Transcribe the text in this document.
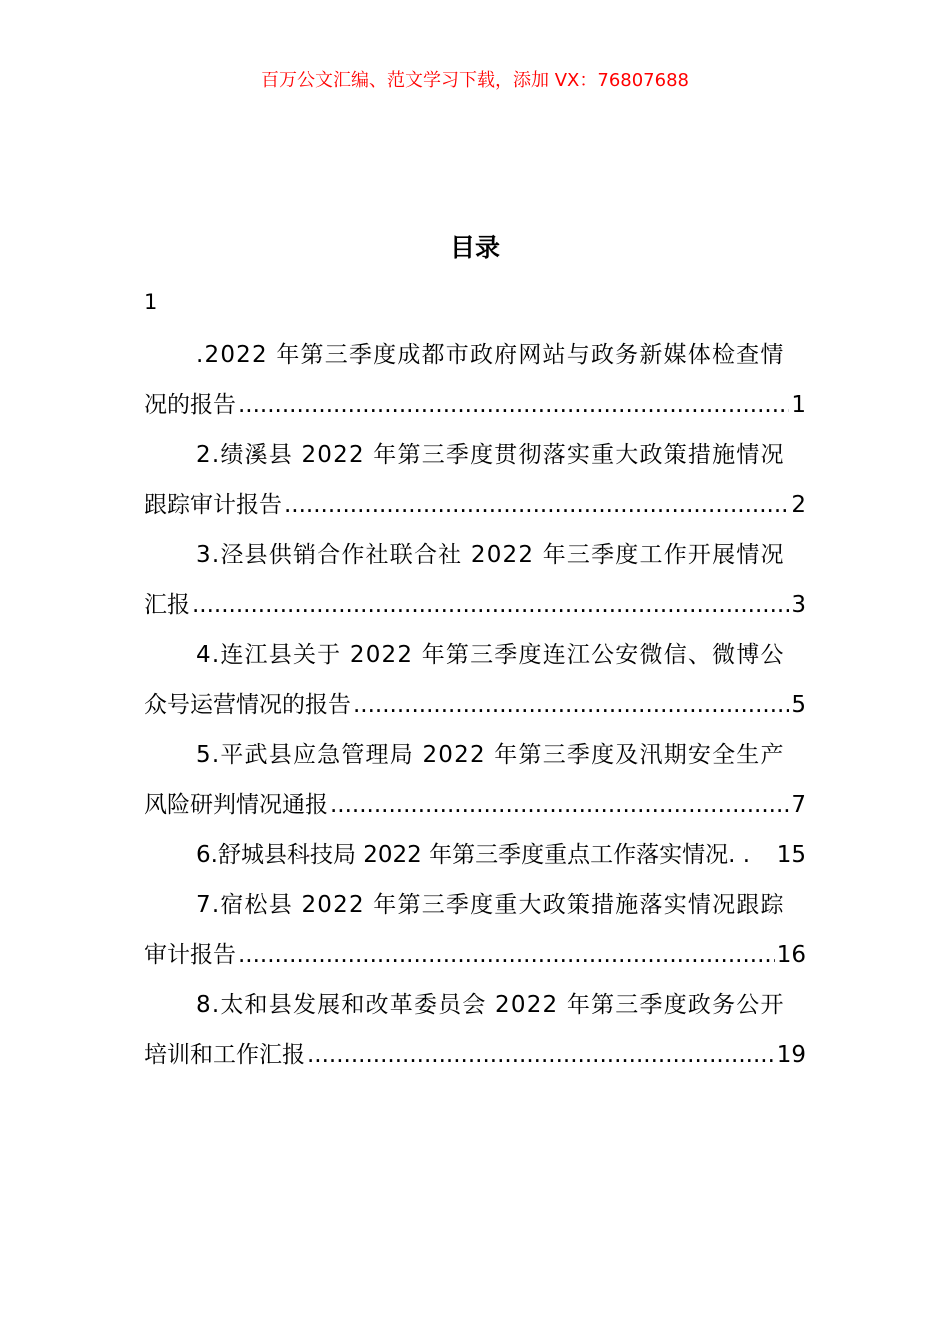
百万公文汇编、范文学习下载，添加 VX：76807688
目录
1
.2022 年第三季度成都市政府网站与政务新媒体检查情
况的报告 .....	1
2.绩溪县 2022 年第三季度贯彻落实重大政策措施情况
跟踪审计报告 .....	2
3.泾县供销合作社联合社 2022 年三季度工作开展情况
汇报 .....	3
4.连江县关于 2022 年第三季度连江公安微信、微博公
众号运营情况的报告 .....	5
5.平武县应急管理局 2022 年第三季度及汛期安全生产
风险研判情况通报 .....	7
6.舒城县科技局 2022 年第三季度重点工作落实情况 . . 15
7.宿松县 2022 年第三季度重大政策措施落实情况跟踪
审计报告 .....	16
8.太和县发展和改革委员会 2022 年第三季度政务公开
培训和工作汇报 .....	19
